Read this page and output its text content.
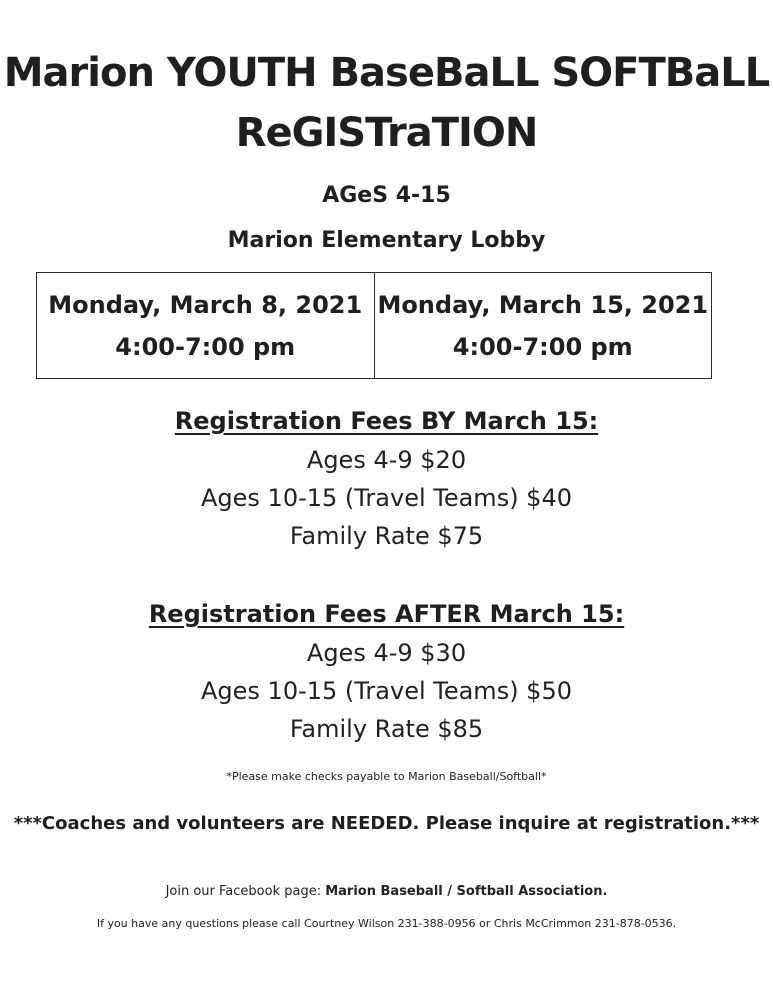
Marion YOUTH BaseBaLL SOFTBaLL
ReGISTraTION
AGeS 4-15
Marion Elementary Lobby
Monday, March 8, 2021
4:00-7:00 pm
Monday, March 15, 2021
4:00-7:00 pm
Registration Fees BY March 15:
Ages 4-9 $20
Ages 10-15 (Travel Teams) $40
Family Rate $75
Registration Fees AFTER March 15:
Ages 4-9 $30
Ages 10-15 (Travel Teams) $50
Family Rate $85
*Please make checks payable to Marion Baseball/Softball*
***Coaches and volunteers are NEEDED. Please inquire at registration.***
Join our Facebook page: Marion Baseball / Softball Association.
If you have any questions please call Courtney Wilson 231-388-0956 or Chris McCrimmon 231-878-0536.
